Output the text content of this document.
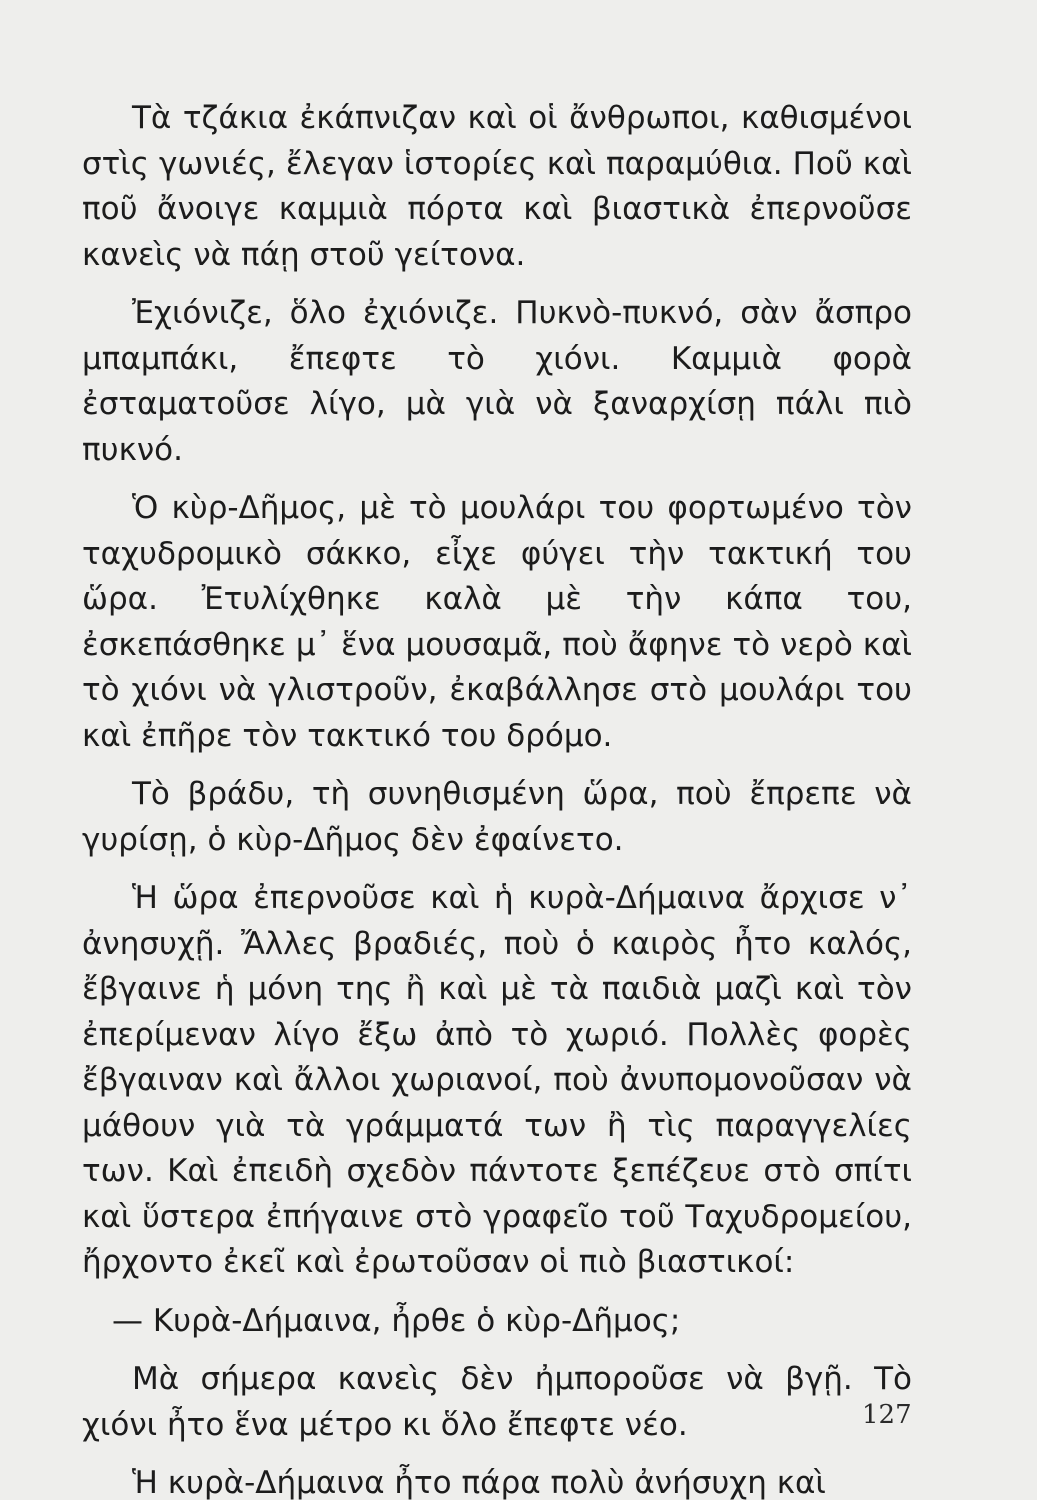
Τὰ τζάκια ἐκάπνιζαν καὶ οἱ ἄνθρωποι, καθισμένοι στὶς γωνιές, ἔλεγαν ἱστορίες καὶ παραμύθια. Ποῦ καὶ ποῦ ἄνοιγε καμμιὰ πόρτα καὶ βιαστικὰ ἐπερνοῦσε κανεὶς νὰ πάῃ στοῦ γείτονα.

Ἐχιόνιζε, ὅλο ἐχιόνιζε. Πυκνὸ-πυκνό, σὰν ἄσπρο μπαμπάκι, ἔπεφτε τὸ χιόνι. Καμμιὰ φορὰ ἐσταματοῦσε λίγο, μὰ γιὰ νὰ ξαναρχίσῃ πάλι πιὸ πυκνό.

Ὁ κὺρ-Δῆμος, μὲ τὸ μουλάρι του φορτωμένο τὸν ταχυδρομικὸ σάκκο, εἶχε φύγει τὴν τακτική του ὥρα. Ἐτυλίχθηκε καλὰ μὲ τὴν κάπα του, ἐσκεπάσθηκε μ᾽ ἕνα μουσαμᾶ, ποὺ ἄφηνε τὸ νερὸ καὶ τὸ χιόνι νὰ γλιστροῦν, ἐκαβάλλησε στὸ μουλάρι του καὶ ἐπῆρε τὸν τακτικό του δρόμο.

Τὸ βράδυ, τὴ συνηθισμένη ὥρα, ποὺ ἔπρεπε νὰ γυρίσῃ, ὁ κὺρ-Δῆμος δὲν ἐφαίνετο.

Ἡ ὥρα ἐπερνοῦσε καὶ ἡ κυρὰ-Δήμαινα ἄρχισε ν᾽ ἀνησυχῇ. Ἄλλες βραδιές, ποὺ ὁ καιρὸς ἦτο καλός, ἔβγαινε ἡ μόνη της ἢ καὶ μὲ τὰ παιδιὰ μαζὶ καὶ τὸν ἐπερίμεναν λίγο ἔξω ἀπὸ τὸ χωριό. Πολλὲς φορὲς ἔβγαιναν καὶ ἄλλοι χωριανοί, ποὺ ἀνυπομονοῦσαν νὰ μάθουν γιὰ τὰ γράμματά των ἢ τὶς παραγγελίες των. Καὶ ἐπειδὴ σχεδὸν πάντοτε ξεπέζευε στὸ σπίτι καὶ ὕστερα ἐπήγαινε στὸ γραφεῖο τοῦ Ταχυδρομείου, ἤρχοντο ἐκεῖ καὶ ἐρωτοῦσαν οἱ πιὸ βιαστικοί:

— Κυρὰ-Δήμαινα, ἦρθε ὁ κὺρ-Δῆμος;

Μὰ σήμερα κανεὶς δὲν ἠμποροῦσε νὰ βγῇ. Τὸ χιόνι ἦτο ἕνα μέτρο κι ὅλο ἔπεφτε νέο.

Ἡ κυρὰ-Δήμαινα ἦτο πάρα πολὺ ἀνήσυχη καὶ

127
